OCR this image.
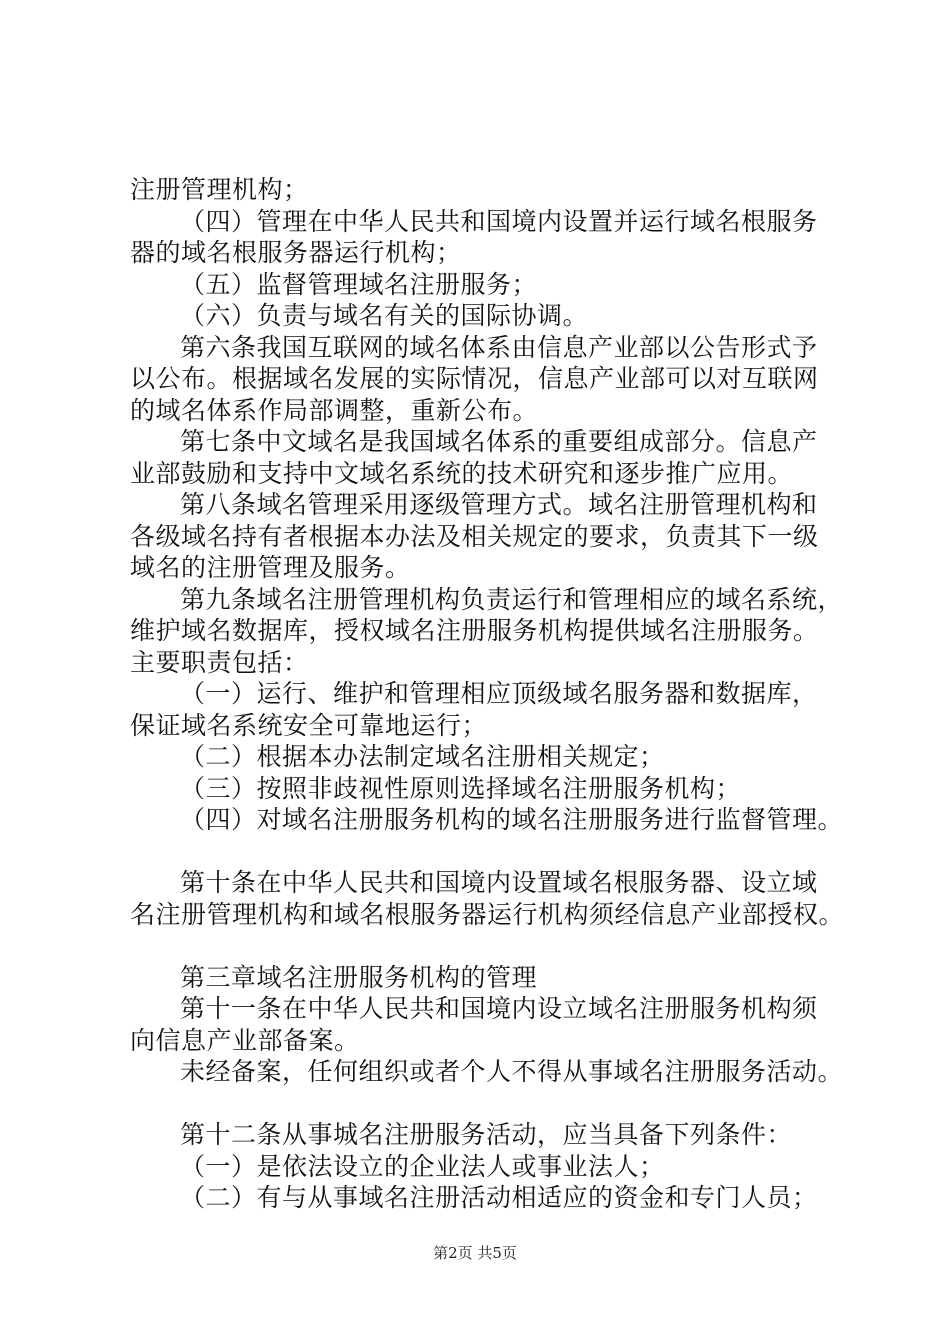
注册管理机构；
（四）管理在中华人民共和国境内设置并运行域名根服务
器的域名根服务器运行机构；
（五）监督管理域名注册服务；
（六）负责与域名有关的国际协调。
第六条我国互联网的域名体系由信息产业部以公告形式予
以公布。根据域名发展的实际情况，信息产业部可以对互联网
的域名体系作局部调整，重新公布。
第七条中文域名是我国域名体系的重要组成部分。信息产
业部鼓励和支持中文域名系统的技术研究和逐步推广应用。
第八条域名管理采用逐级管理方式。域名注册管理机构和
各级域名持有者根据本办法及相关规定的要求，负责其下一级
域名的注册管理及服务。
第九条域名注册管理机构负责运行和管理相应的域名系统，
维护域名数据库，授权域名注册服务机构提供域名注册服务。
主要职责包括：
（一）运行、维护和管理相应顶级域名服务器和数据库，
保证域名系统安全可靠地运行；
（二）根据本办法制定域名注册相关规定；
（三）按照非歧视性原则选择域名注册服务机构；
（四）对域名注册服务机构的域名注册服务进行监督管理。
第十条在中华人民共和国境内设置域名根服务器、设立域
名注册管理机构和域名根服务器运行机构须经信息产业部授权。
第三章域名注册服务机构的管理
第十一条在中华人民共和国境内设立域名注册服务机构须
向信息产业部备案。
未经备案，任何组织或者个人不得从事域名注册服务活动。
第十二条从事城名注册服务活动，应当具备下列条件：
（一）是依法设立的企业法人或事业法人；
（二）有与从事域名注册活动相适应的资金和专门人员；
第2页 共5页
